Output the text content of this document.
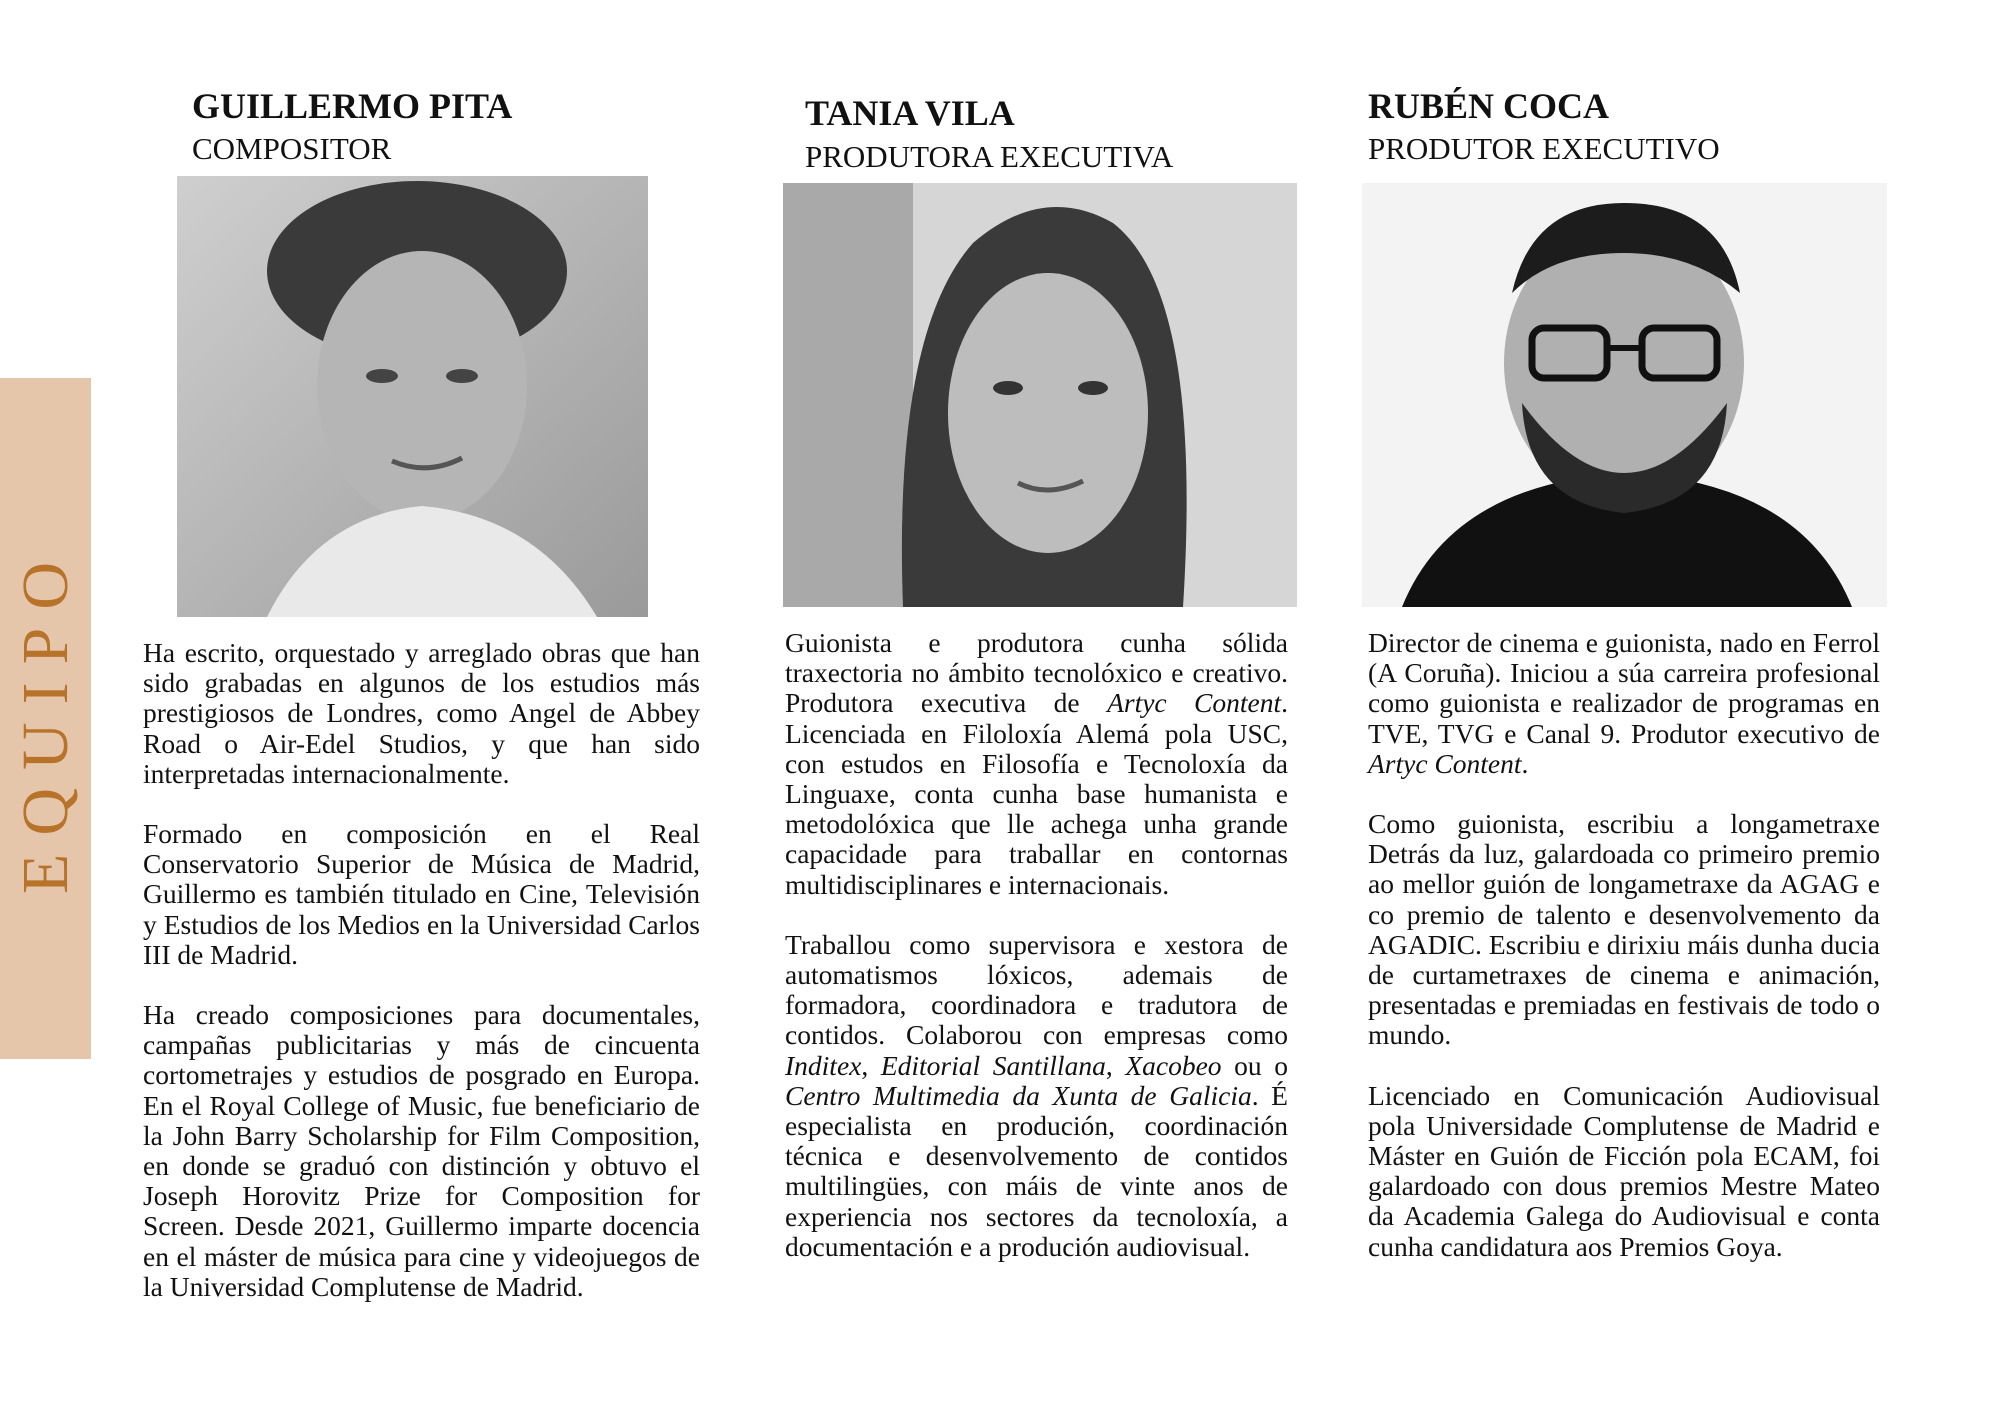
EQUIPO
GUILLERMO PITA
COMPOSITOR

Ha escrito, orquestado y arreglado obras que han sido grabadas en algunos de los estudios más prestigiosos de Londres, como Angel de Abbey Road o Air-Edel Studios, y que han sido interpretadas internacionalmente.

Formado en composición en el Real Conservatorio Superior de Música de Madrid, Guillermo es también titulado en Cine, Televisión y Estudios de los Medios en la Universidad Carlos III de Madrid.

Ha creado composiciones para documentales, campañas publicitarias y más de cincuenta cortometrajes y estudios de posgrado en Europa. En el Royal College of Music, fue beneficiario de la John Barry Scholarship for Film Composition, en donde se graduó con distinción y obtuvo el Joseph Horovitz Prize for Composition for Screen. Desde 2021, Guillermo imparte docencia en el máster de música para cine y videojuegos de la Universidad Complutense de Madrid.

TANIA VILA
PRODUTORA EXECUTIVA

Guionista e produtora cunha sólida traxectoria no ámbito tecnolóxico e creativo. Produtora executiva de Artyc Content. Licenciada en Filoloxía Alemá pola USC, con estudos en Filosofía e Tecnoloxía da Linguaxe, conta cunha base humanista e metodolóxica que lle achega unha grande capacidade para traballar en contornas multidisciplinares e internacionais.

Traballou como supervisora e xestora de automatismos lóxicos, ademais de formadora, coordinadora e tradutora de contidos. Colaborou con empresas como Inditex, Editorial Santillana, Xacobeo ou o Centro Multimedia da Xunta de Galicia. É especialista en produción, coordinación técnica e desenvolvemento de contidos multilingües, con máis de vinte anos de experiencia nos sectores da tecnoloxía, a documentación e a produción audiovisual.

RUBÉN COCA
PRODUTOR EXECUTIVO

Director de cinema e guionista, nado en Ferrol (A Coruña). Iniciou a súa carreira profesional como guionista e realizador de programas en TVE, TVG e Canal 9. Produtor executivo de Artyc Content.

Como guionista, escribiu a longametraxe Detrás da luz, galardoada co primeiro premio ao mellor guión de longametraxe da AGAG e co premio de talento e desenvolvemento da AGADIC. Escribiu e dirixiu máis dunha ducia de curtametraxes de cinema e animación, presentadas e premiadas en festivais de todo o mundo.

Licenciado en Comunicación Audiovisual pola Universidade Complutense de Madrid e Máster en Guión de Ficción pola ECAM, foi galardoado con dous premios Mestre Mateo da Academia Galega do Audiovisual e conta cunha candidatura aos Premios Goya.
